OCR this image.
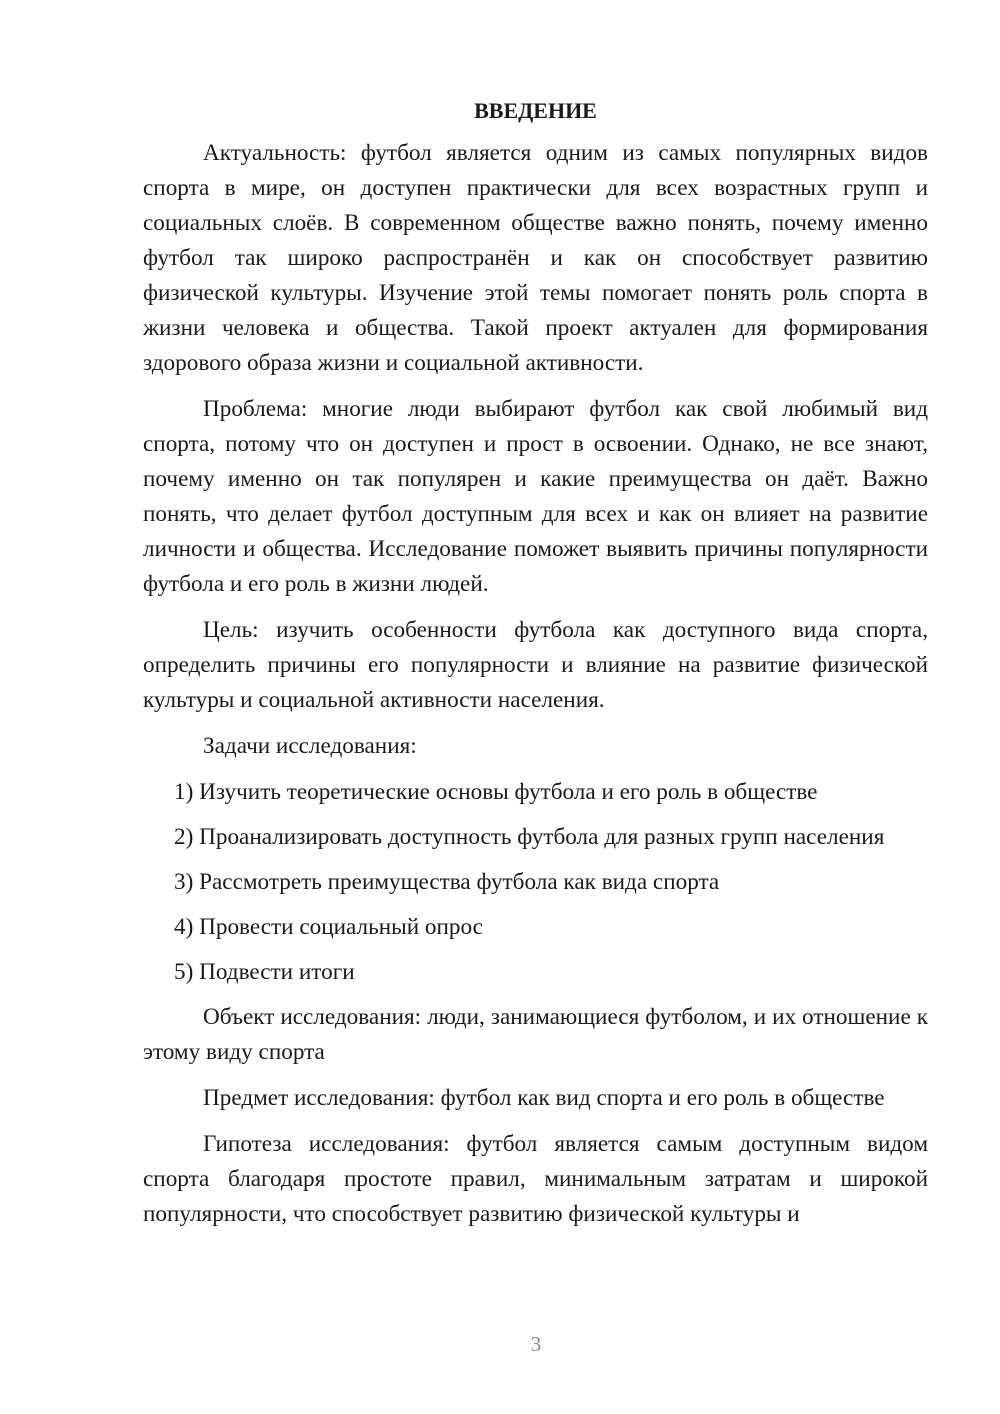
ВВЕДЕНИЕ

Актуальность: футбол является одним из самых популярных видов спорта в мире, он доступен практически для всех возрастных групп и социальных слоёв. В современном обществе важно понять, почему именно футбол так широко распространён и как он способствует развитию физической культуры. Изучение этой темы помогает понять роль спорта в жизни человека и общества. Такой проект актуален для формирования здорового образа жизни и социальной активности.

Проблема: многие люди выбирают футбол как свой любимый вид спорта, потому что он доступен и прост в освоении. Однако, не все знают, почему именно он так популярен и какие преимущества он даёт. Важно понять, что делает футбол доступным для всех и как он влияет на развитие личности и общества. Исследование поможет выявить причины популярности футбола и его роль в жизни людей.

Цель: изучить особенности футбола как доступного вида спорта, определить причины его популярности и влияние на развитие физической культуры и социальной активности населения.

Задачи исследования:

1) Изучить теоретические основы футбола и его роль в обществе

2) Проанализировать доступность футбола для разных групп населения

3) Рассмотреть преимущества футбола как вида спорта

4) Провести социальный опрос

5) Подвести итоги

Объект исследования: люди, занимающиеся футболом, и их отношение к этому виду спорта

Предмет исследования: футбол как вид спорта и его роль в обществе

Гипотеза исследования: футбол является самым доступным видом спорта благодаря простоте правил, минимальным затратам и широкой популярности, что способствует развитию физической культуры и

3
